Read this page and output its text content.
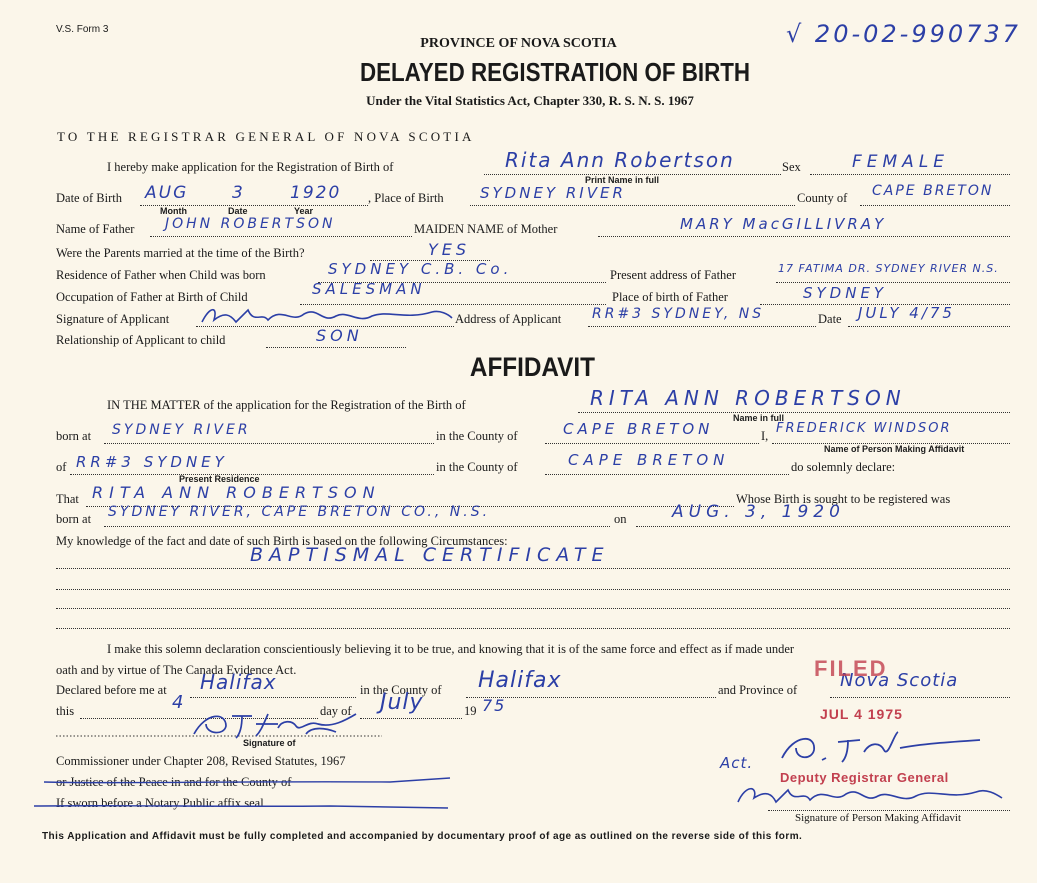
V.S. Form 3	√ 20-02-990737
PROVINCE OF NOVA SCOTIA
DELAYED REGISTRATION OF BIRTH
Under the Vital Statistics Act, Chapter 330, R. S. N. S. 1967
TO THE REGISTRAR GENERAL OF NOVA SCOTIA
I hereby make application for the Registration of Birth of	Rita Ann Robertson
Print Name in full
Sex	FEMALE
Date of Birth AUG	3	1920
Month	Date	Year
, Place of Birth SYDNEY RIVER	County of CAPE BRETON
Name of Father JOHN ROBERTSON	MAIDEN NAME of Mother	MARY MacGILLIVRAY
Were the Parents married at the time of the Birth?	YES
Residence of Father when Child was born	SYDNEY C.B. Co.	Present address of Father	17 FATIMA DR. SYDNEY RIVER N.S.
Occupation of Father at Birth of Child	SALESMAN	Place of birth of Father	SYDNEY
Signature of Applicant	Address of Applicant RR#3 SYDNEY, NS	Date JULY 4/75
Relationship of Applicant to child	SON
AFFIDAVIT
IN THE MATTER of the application for the Registration of the Birth of	RITA ANN ROBERTSON
Name in full
born at SYDNEY RIVER	in the County of	CAPE BRETON	I, FREDERICK WINDSOR
Name of Person Making Affidavit
of RR#3 SYDNEY
Present Residence
in the County of	CAPE BRETON	do solemnly declare:
That RITA ANN ROBERTSON	Whose Birth is sought to be registered was
born at SYDNEY RIVER, CAPE BRETON CO., N.S.	on	AUG. 3, 1920
My knowledge of the fact and date of such Birth is based on the following Circumstances:
BAPTISMAL CERTIFICATE
I make this solemn declaration conscientiously believing it to be true, and knowing that it is of the same force and effect as if made under
oath and by virtue of The Canada Evidence Act.
Declared before me at Halifax	in the County of Halifax	and Province of Nova Scotia
this	4	day of July	19 75
Signature of
Commissioner under Chapter 208, Revised Statutes, 1967
or Justice of the Peace in and for the County of
If sworn before a Notary Public affix seal.
FILED
JUL 4 1975
Act.
Deputy Registrar General
Signature of Person Making Affidavit
This Application and Affidavit must be fully completed and accompanied by documentary proof of age as outlined on the reverse side of this form.
